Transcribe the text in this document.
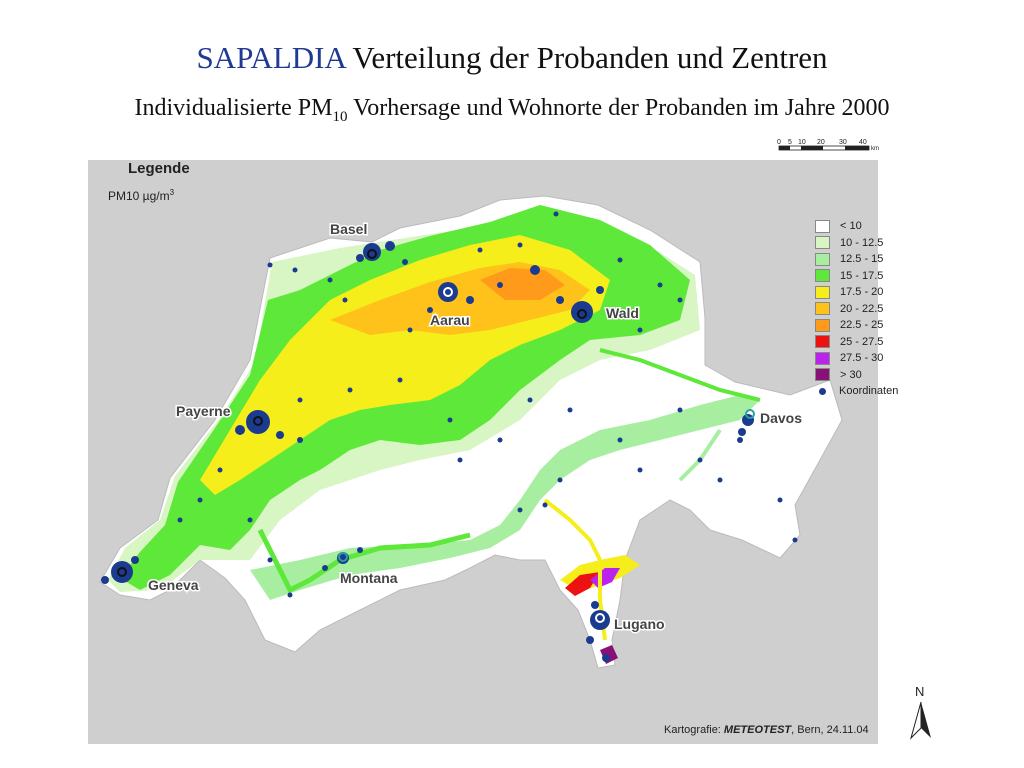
SAPALDIA Verteilung der Probanden und Zentren
Individualisierte $PM_{10}$ Vorhersage und Wohnorte der Probanden im Jahre 2000
Basel
Aarau	Wald
Payerne	Davos
Geneva	Montana
Lugano
0 5 10 20 30 40
km
Legende
PM10 $\mu g/m^3$
< 10
10 - 12.5
12.5 - 15
15 - 17.5
17.5 - 20
20 - 22.5
22.5 - 25
25 - 27.5
27.5 - 30
> 30
Koordinaten
Kartografie: METEOTEST, Bern, 24.11.04
N
